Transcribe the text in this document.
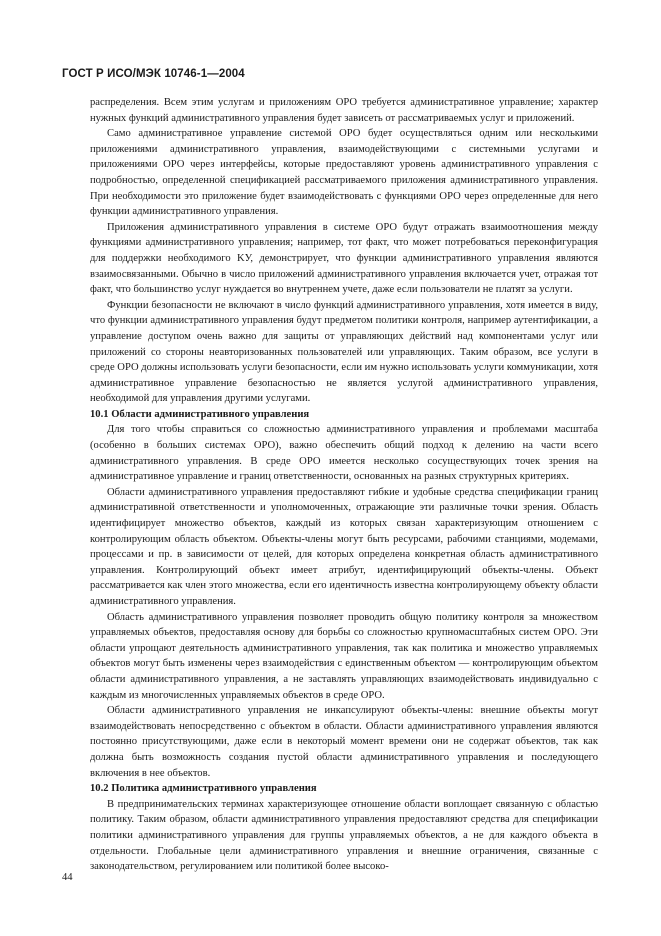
ГОСТ Р ИСО/МЭК 10746-1—2004

распределения. Всем этим услугам и приложениям ОРО требуется административное управление; характер нужных функций административного управления будет зависеть от рассматриваемых услуг и приложений.

Само административное управление системой ОРО будет осуществляться одним или несколькими приложениями административного управления, взаимодействующими с системными услугами и приложениями ОРО через интерфейсы, которые предоставляют уровень административного управления с подробностью, определенной спецификацией рассматриваемого приложения административного управления. При необходимости это приложение будет взаимодействовать с функциями ОРО через определенные для него функции административного управления.

Приложения административного управления в системе ОРО будут отражать взаимоотношения между функциями административного управления; например, тот факт, что может потребоваться переконфигурация для поддержки необходимого KУ, демонстрирует, что функции административного управления являются взаимосвязанными. Обычно в число приложений административного управления включается учет, отражая тот факт, что большинство услуг нуждается во внутреннем учете, даже если пользователи не платят за услуги.

Функции безопасности не включают в число функций административного управления, хотя имеется в виду, что функции административного управления будут предметом политики контроля, например аутентификации, а управление доступом очень важно для защиты от управляющих действий над компонентами услуг или приложений со стороны неавторизованных пользователей или управляющих. Таким образом, все услуги в среде ОРО должны использовать услуги безопасности, если им нужно использовать услуги коммуникации, хотя административное управление безопасностью не является услугой административного управления, необходимой для управления другими услугами.

10.1 Области административного управления

Для того чтобы справиться со сложностью административного управления и проблемами масштаба (особенно в больших системах ОРО), важно обеспечить общий подход к делению на части всего административного управления. В среде ОРО имеется несколько сосуществующих точек зрения на административное управление и границ ответственности, основанных на разных структурных критериях.

Области административного управления предоставляют гибкие и удобные средства спецификации границ административной ответственности и уполномоченных, отражающие эти различные точки зрения. Область идентифицирует множество объектов, каждый из которых связан характеризующим отношением с контролирующим область объектом. Объекты-члены могут быть ресурсами, рабочими станциями, модемами, процессами и пр. в зависимости от целей, для которых определена конкретная область административного управления. Контролирующий объект имеет атрибут, идентифицирующий объекты-члены. Объект рассматривается как член этого множества, если его идентичность известна контролирующему объекту области административного управления.

Область административного управления позволяет проводить общую политику контроля за множеством управляемых объектов, предоставляя основу для борьбы со сложностью крупномасштабных систем ОРО. Эти области упрощают деятельность административного управления, так как политика и множество управляемых объектов могут быть изменены через взаимодействия с единственным объектом — контролирующим объектом области административного управления, а не заставлять управляющих взаимодействовать индивидуально с каждым из многочисленных управляемых объектов в среде ОРО.

Области административного управления не инкапсулируют объекты-члены: внешние объекты могут взаимодействовать непосредственно с объектом в области. Области административного управления являются постоянно присутствующими, даже если в некоторый момент времени они не содержат объектов, так как должна быть возможность создания пустой области административного управления и последующего включения в нее объектов.

10.2 Политика административного управления

В предпринимательских терминах характеризующее отношение области воплощает связанную с областью политику. Таким образом, области административного управления предоставляют средства для спецификации политики административного управления для группы управляемых объектов, а не для каждого объекта в отдельности. Глобальные цели административного управления и внешние ограничения, связанные с законодательством, регулированием или политикой более высоко-

44
